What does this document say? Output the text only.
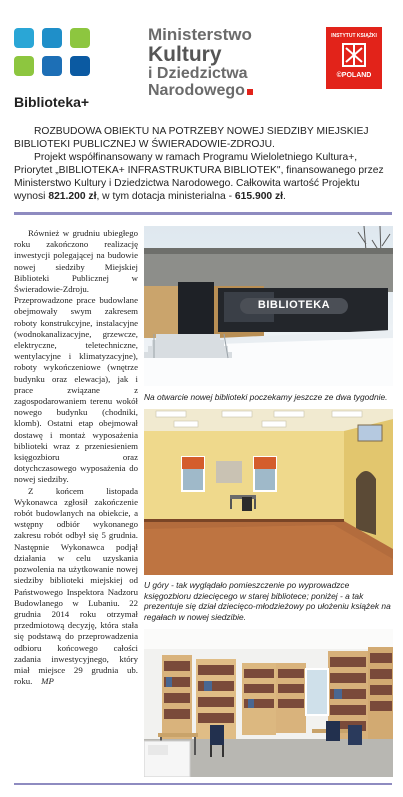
Biblioteka+
Ministerstwo
Kultury
i Dziedzictwa
Narodowego
INSTYTUT KSIĄŻKI
©POLAND

ROZBUDOWA OBIEKTU NA POTRZEBY NOWEJ SIEDZIBY MIEJSKIEJ BIBLIOTEKI PUBLICZNEJ W ŚWIERADOWIE-ZDROJU.

Projekt współfinansowany w ramach Programu Wieloletniego Kultura+, Priorytet „BIBLIOTEKA+ INFRASTRUKTURA BIBLIOTEK", finansowanego przez Ministerstwo Kultury i Dziedzictwa Narodowego. Całkowita wartość Projektu wynosi 821.200 zł, w tym dotacja ministerialna - 615.900 zł.

Również w grudniu ubiegłego roku zakończono realizację inwestycji polegającej na budowie nowej siedziby Miejskiej Biblioteki Publicznej w Świeradowie-Zdroju. Przeprowadzone prace budowlane obejmowały swym zakresem roboty konstrukcyjne, instalacyjne (wodnokanalizacyjne, grzewcze, elektryczne, teletechniczne, wentylacyjne i klimatyzacyjne), roboty wykończeniowe (wnętrze budynku oraz elewacja), jak i prace związane z zagospodarowaniem terenu wokół nowego budynku (chodniki, klomb). Ostatni etap obejmował dostawę i montaż wyposażenia biblioteki wraz z przeniesieniem księgozbioru oraz dotychczasowego wyposażenia do nowej siedziby.

Z końcem listopada Wykonawca zgłosił zakończenie robót budowlanych na obiekcie, a wstępny odbiór wykonanego zakresu robót odbył się 5 grudnia. Następnie Wykonawca podjął działania w celu uzyskania pozwolenia na użytkowanie nowej siedziby biblioteki miejskiej od Państwowego Inspektora Nadzoru Budowlanego w Lubaniu. 22 grudnia 2014 roku otrzymał przedmiotową decyzję, która stała się podstawą do przeprowadzenia odbioru końcowego całości zadania inwestycyjnego, który miał miejsce 29 grudnia ub. roku. MP

BIBLIOTEKA
Na otwarcie nowej biblioteki poczekamy jeszcze ze dwa tygodnie.
U góry - tak wyglądało pomieszczenie po wyprowadzce księgozbioru dziecięcego w starej bibliotece; poniżej - a tak prezentuje się dział dziecięco-młodzieżowy po ułożeniu książek na regałach w nowej siedzibie.
